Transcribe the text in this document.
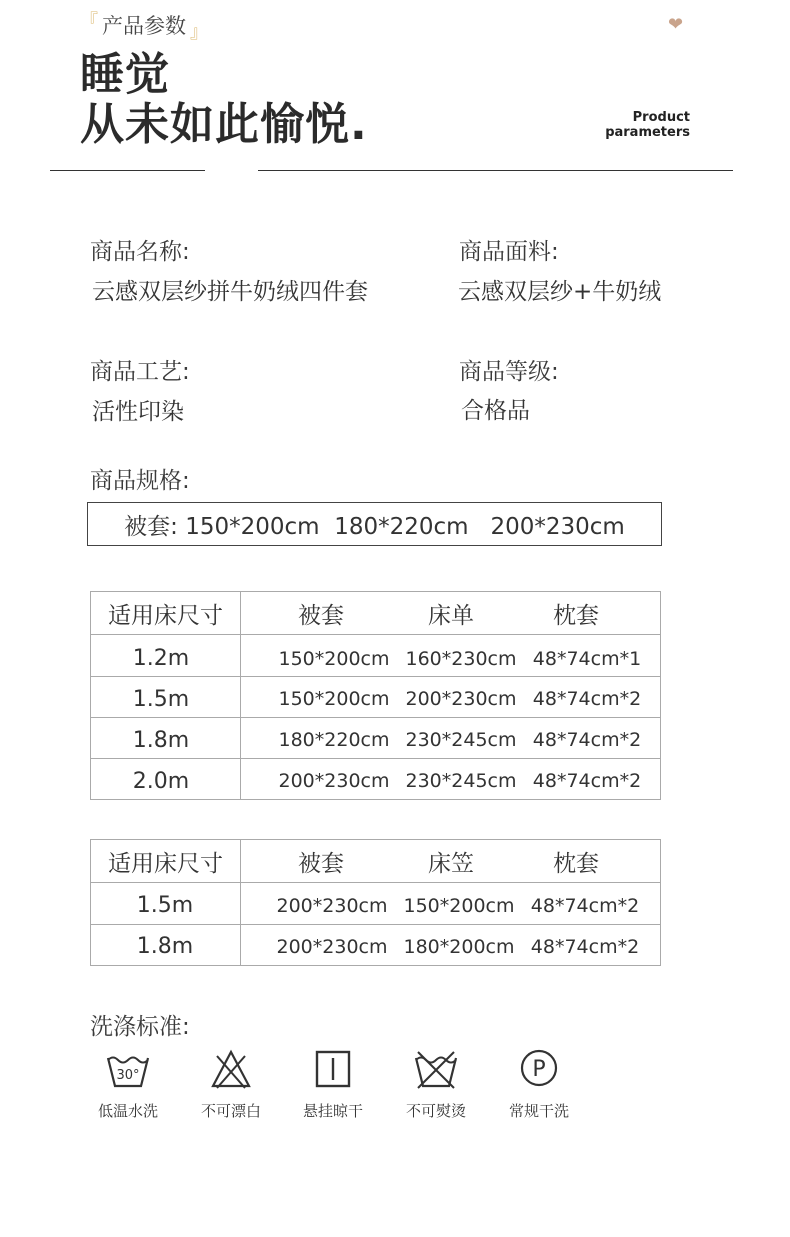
『 产品参数 』	❤
睡觉
从未如此愉悦.	Product
parameters
商品名称:
云感双层纱拼牛奶绒四件套
商品面料:
云感双层纱+牛奶绒
商品工艺:
活性印染
商品等级:
合格品
商品规格:
被套: 150*200cm  180*220cm   200*230cm
适用床尺寸	被套	床单	枕套
1.2m	150*200cm 160*230cm 48*74cm*1
1.5m	150*200cm 200*230cm 48*74cm*2
1.8m	180*220cm 230*245cm 48*74cm*2
2.0m	200*230cm 230*245cm 48*74cm*2
适用床尺寸	被套	床笠	枕套
1.5m	200*230cm 150*200cm 48*74cm*2
1.8m	200*230cm 180*200cm 48*74cm*2
洗涤标准:
30°
低温水洗	不可漂白	悬挂晾干	不可熨烫
P
常规干洗
